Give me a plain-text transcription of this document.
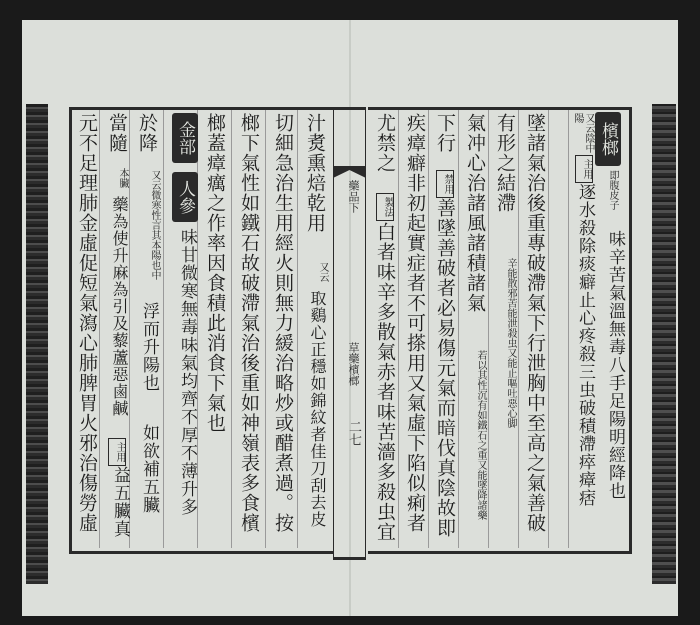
藥品下
草藥檳榔
二七
檳榔
即腹皮子
味辛苦氣溫無毒八手足陽明經降也
又云陰中陽
主用
逐水殺除痰癖止心疼殺三虫破積滯瘁瘴痞
墜諸氣治後重專破滯氣下行泄胸中至高之氣善破
有形之結滯
辛能散邪苦能泄殺虫又能止嘔吐惡心脚
氣冲心治諸風諸積諸氣
若以其性沉有如鐵石之重又能墜降諸藥
下行
禁用
善墜善破者必易傷元氣而暗伐真陰故即
疾瘴癖非初起實症者不可搽用又氣虛下陷似痢者
尤禁之
製法
白者味辛多散氣赤者味苦濇多殺虫宜
汁煑熏焙乾用
又云
取鷄心正穩如錦紋者佳刀刮去皮
切細急治生用經火則無力緩治略炒或醋煮過。按
榔下氣性如鐵石故破滯氣治後重如神嶺表多食檳
榔蓋瘴癘之作率因食積此消食下氣也
金部
人參
味甘微寒無毒味氣均齊不厚不薄升多
於降
又云微寒性言其本陽也中
浮而升陽也
如欲補五臟
當隨
本臟
藥為使升麻為引及藜蘆惡鹵鹹
主用
益五臟真
元不足理肺金虛促短氣瀉心肺脾胃火邪治傷勞虛
